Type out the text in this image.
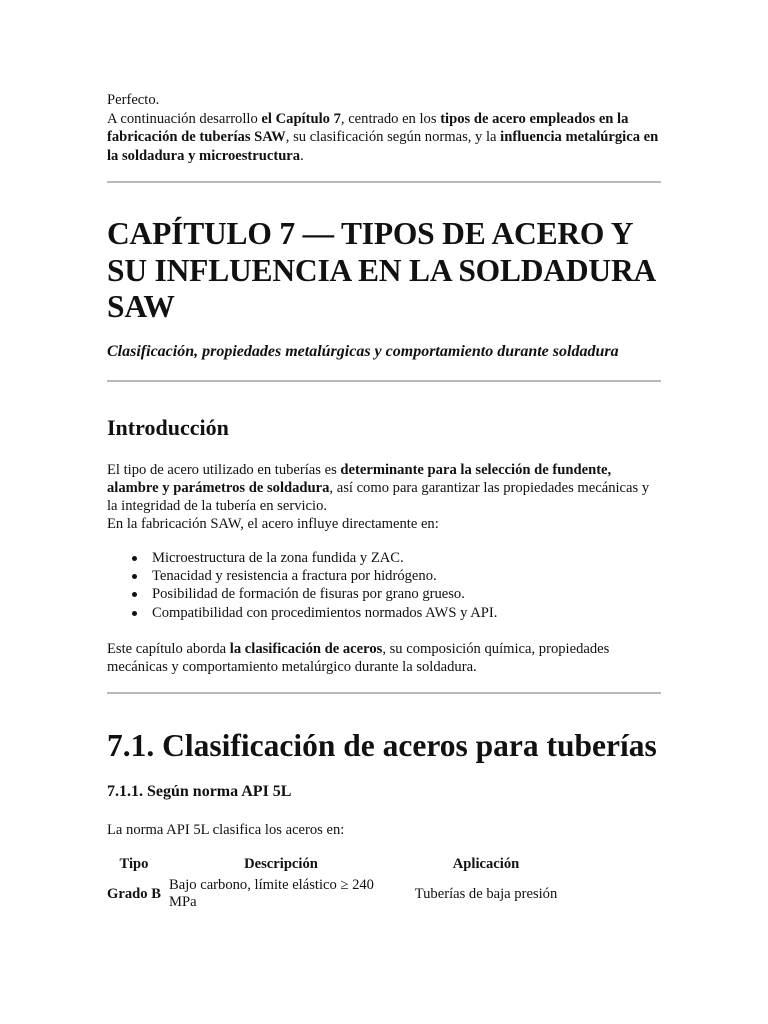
Perfecto.

A continuación desarrollo el Capítulo 7, centrado en los tipos de acero empleados en la fabricación de tuberías SAW, su clasificación según normas, y la influencia metalúrgica en la soldadura y microestructura.

CAPÍTULO 7 — TIPOS DE ACERO Y SU INFLUENCIA EN LA SOLDADURA SAW

Clasificación, propiedades metalúrgicas y comportamiento durante soldadura

Introducción

El tipo de acero utilizado en tuberías es determinante para la selección de fundente, alambre y parámetros de soldadura, así como para garantizar las propiedades mecánicas y la integridad de la tubería en servicio.

En la fabricación SAW, el acero influye directamente en:

Microestructura de la zona fundida y ZAC.
Tenacidad y resistencia a fractura por hidrógeno.
Posibilidad de formación de fisuras por grano grueso.
Compatibilidad con procedimientos normados AWS y API.

Este capítulo aborda la clasificación de aceros, su composición química, propiedades mecánicas y comportamiento metalúrgico durante la soldadura.

7.1. Clasificación de aceros para tuberías
7.1.1. Según norma API 5L

La norma API 5L clasifica los aceros en:

Tipo	Descripción	Aplicación
Grado B	Bajo carbono, límite elástico ≥ 240 MPa	Tuberías de baja presión
